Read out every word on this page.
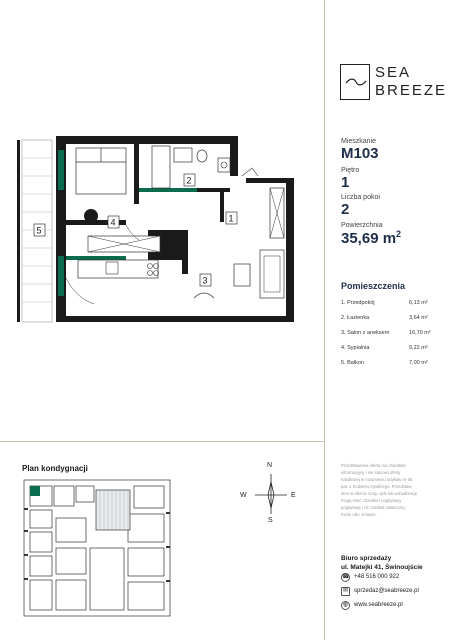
SEA
BREEZE
Mieszkanie
M103
Piętro
1
Liczba pokoi
2
Powierzchnia
35,69 $m^2$
Pomieszczenia
1. Przedpokój	6,13 m²
2. Łazienka	3,64 m²
3. Salon z aneksem	16,70 m²
4. Sypialnia	9,22 m²
5. Balkon	7,00 m²
Przedstawiona oferta ma charakter
informacyjny i nie stanowi oferty
handlowej w rozumieniu artykułu nr 66
par. 1 Kodeksu Cywilnego. Przedstaw-
ione w ofercie rzuty, opis lub wizualizacje
mogą mieć charakter poglądowy
poglądowy i ich rozkład ostateczny
może ulec zmianie.
Biuro sprzedaży
ul. Matejki 41, Świnoujście
☎ +48 516 000 922
✉ sprzedaz@seabreeze.pl
◍ www.seabreeze.pl
Plan kondygnacji	N
S
W	E
1
2
3
4
5
